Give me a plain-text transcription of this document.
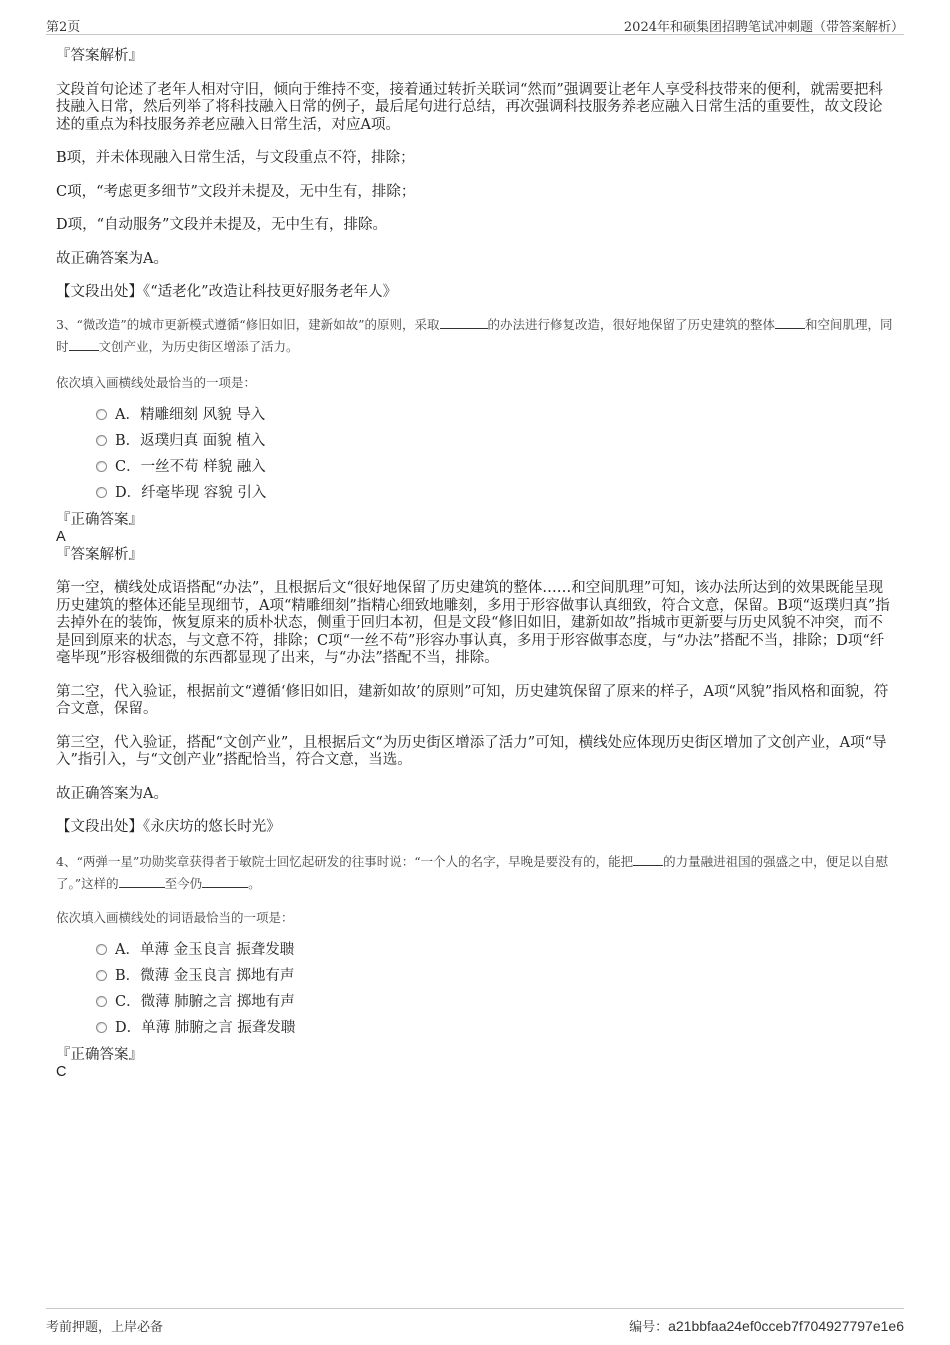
第2页	2024年和硕集团招聘笔试冲刺题（带答案解析）

『答案解析』

文段首句论述了老年人相对守旧，倾向于维持不变，接着通过转折关联词“然而”强调要让老年人享受科技带来的便利，就需要把科技融入日常，然后列举了将科技融入日常的例子，最后尾句进行总结，再次强调科技服务养老应融入日常生活的重要性，故文段论述的重点为科技服务养老应融入日常生活，对应A项。

B项，并未体现融入日常生活，与文段重点不符，排除；

C项，“考虑更多细节”文段并未提及，无中生有，排除；

D项，“自动服务”文段并未提及，无中生有，排除。

故正确答案为A。

【文段出处】《“适老化”改造让科技更好服务老年人》

3、“微改造”的城市更新模式遵循“修旧如旧，建新如故”的原则，采取	的办法进行修复改造，很好地保留了历史建筑的整体 和空间肌理，同时 文创产业，为历史街区增添了活力。

依次填入画横线处最恰当的一项是：

A．精雕细刻 风貌 导入
B．返璞归真 面貌 植入
C．一丝不苟 样貌 融入
D．纤毫毕现 容貌 引入

『正确答案』

A

『答案解析』

第一空，横线处成语搭配“办法”，且根据后文“很好地保留了历史建筑的整体……和空间肌理”可知，该办法所达到的效果既能呈现历史建筑的整体还能呈现细节，A项“精雕细刻”指精心细致地雕刻，多用于形容做事认真细致，符合文意，保留。B项“返璞归真”指去掉外在的装饰，恢复原来的质朴状态，侧重于回归本初，但是文段“修旧如旧，建新如故”指城市更新要与历史风貌不冲突，而不是回到原来的状态，与文意不符，排除；C项“一丝不苟”形容办事认真，多用于形容做事态度，与“办法”搭配不当，排除；D项“纤毫毕现”形容极细微的东西都显现了出来，与“办法”搭配不当，排除。

第二空，代入验证，根据前文“遵循‘修旧如旧，建新如故’的原则”可知，历史建筑保留了原来的样子，A项“风貌”指风格和面貌，符合文意，保留。

第三空，代入验证，搭配“文创产业”，且根据后文“为历史街区增添了活力”可知，横线处应体现历史街区增加了文创产业，A项“导入”指引入，与“文创产业”搭配恰当，符合文意，当选。

故正确答案为A。

【文段出处】《永庆坊的悠长时光》

4、“两弹一星”功勋奖章获得者于敏院士回忆起研发的往事时说：“一个人的名字，早晚是要没有的，能把 的力量融进祖国的强盛之中，便足以自慰了。”这样的	至今仍	。

依次填入画横线处的词语最恰当的一项是：

A．单薄 金玉良言 振聋发聩
B．微薄 金玉良言 掷地有声
C．微薄 肺腑之言 掷地有声
D．单薄 肺腑之言 振聋发聩

『正确答案』

C

考前押题，上岸必备	编号：a21bbfaa24ef0cceb7f704927797e1e6
